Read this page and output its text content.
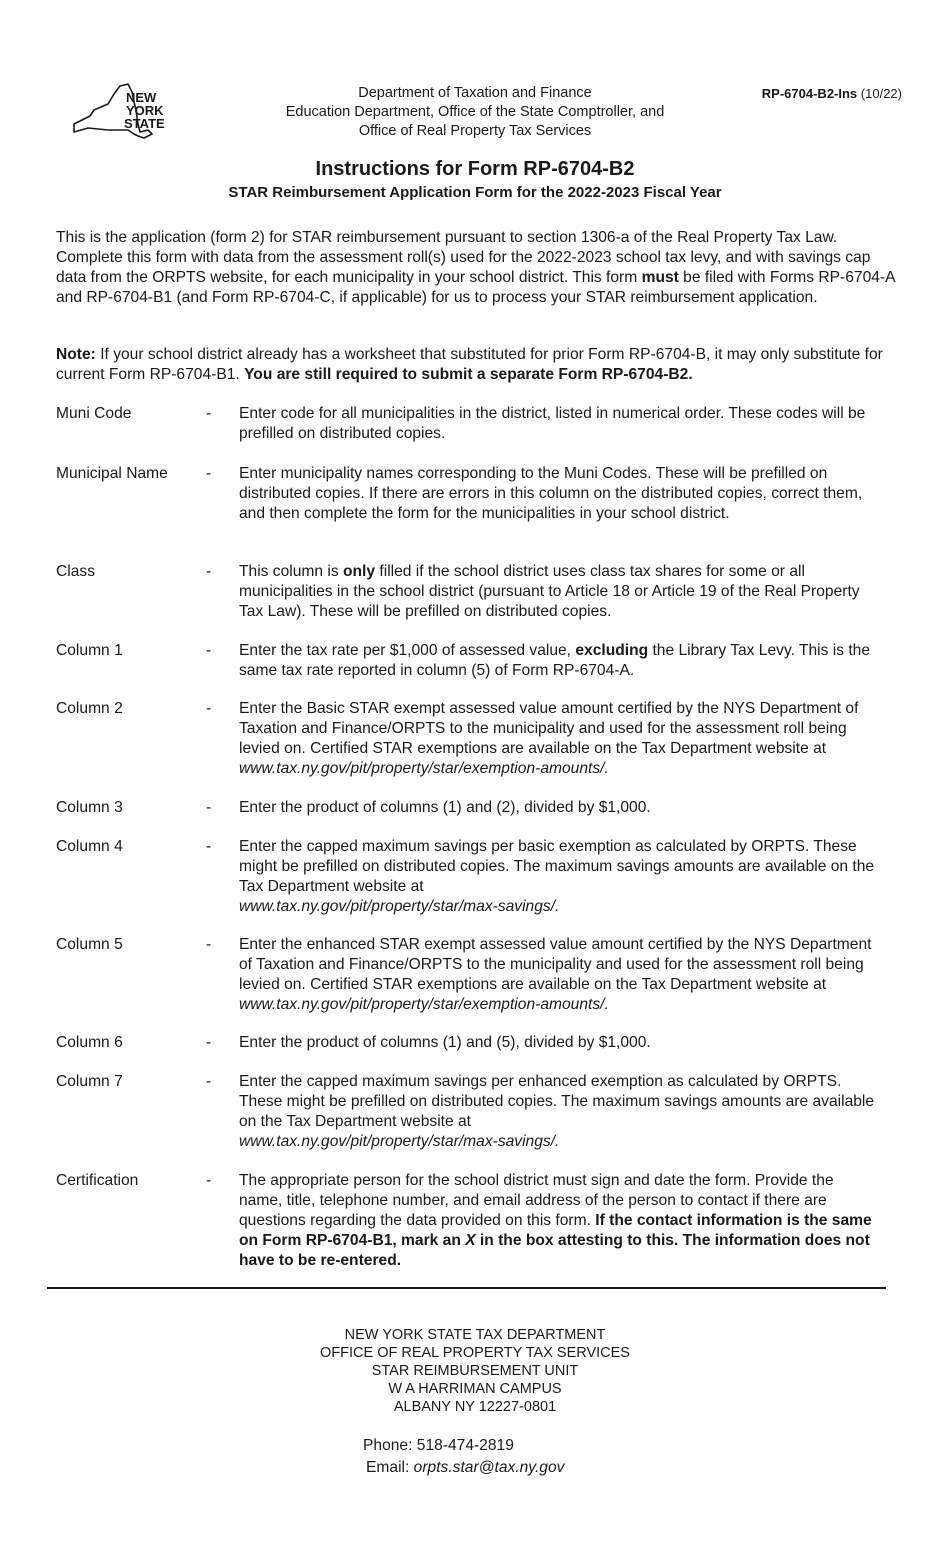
NEW
YORK
STATE
Department of Taxation and Finance
Education Department, Office of the State Comptroller, and
Office of Real Property Tax Services
RP-6704-B2-Ins (10/22)
Instructions for Form RP-6704-B2
STAR Reimbursement Application Form for the 2022-2023 Fiscal Year
This is the application (form 2) for STAR reimbursement pursuant to section 1306-a of the Real Property Tax Law. Complete this form with data from the assessment roll(s) used for the 2022-2023 school tax levy, and with savings cap data from the ORPTS website, for each municipality in your school district. This form must be filed with Forms RP-6704-A and RP-6704-B1 (and Form RP-6704-C, if applicable) for us to process your STAR reimbursement application.
Note: If your school district already has a worksheet that substituted for prior Form RP-6704-B, it may only substitute for current Form RP-6704-B1. You are still required to submit a separate Form RP-6704-B2.
Muni Code	-	Enter code for all municipalities in the district, listed in numerical order. These codes will be prefilled on distributed copies.
Municipal Name	-	Enter municipality names corresponding to the Muni Codes. These will be prefilled on distributed copies. If there are errors in this column on the distributed copies, correct them, and then complete the form for the municipalities in your school district.
Class	-	This column is only filled if the school district uses class tax shares for some or all municipalities in the school district (pursuant to Article 18 or Article 19 of the Real Property Tax Law). These will be prefilled on distributed copies.
Column 1	-	Enter the tax rate per $1,000 of assessed value, excluding the Library Tax Levy. This is the same tax rate reported in column (5) of Form RP-6704-A.
Column 2	-	Enter the Basic STAR exempt assessed value amount certified by the NYS Department of Taxation and Finance/ORPTS to the municipality and used for the assessment roll being levied on. Certified STAR exemptions are available on the Tax Department website at www.tax.ny.gov/pit/property/star/exemption-amounts/.
Column 3	-	Enter the product of columns (1) and (2), divided by $1,000.
Column 4	-	Enter the capped maximum savings per basic exemption as calculated by ORPTS. These might be prefilled on distributed copies. The maximum savings amounts are available on the Tax Department website at
www.tax.ny.gov/pit/property/star/max-savings/.
Column 5	-	Enter the enhanced STAR exempt assessed value amount certified by the NYS Department of Taxation and Finance/ORPTS to the municipality and used for the assessment roll being levied on. Certified STAR exemptions are available on the Tax Department website at www.tax.ny.gov/pit/property/star/exemption-amounts/.
Column 6	-	Enter the product of columns (1) and (5), divided by $1,000.
Column 7	-	Enter the capped maximum savings per enhanced exemption as calculated by ORPTS. These might be prefilled on distributed copies. The maximum savings amounts are available on the Tax Department website at
www.tax.ny.gov/pit/property/star/max-savings/.
Certification	-	The appropriate person for the school district must sign and date the form. Provide the name, title, telephone number, and email address of the person to contact if there are questions regarding the data provided on this form. If the contact information is the same on Form RP-6704-B1, mark an X in the box attesting to this. The information does not have to be re-entered.
NEW YORK STATE TAX DEPARTMENT
OFFICE OF REAL PROPERTY TAX SERVICES
STAR REIMBURSEMENT UNIT
W A HARRIMAN CAMPUS
ALBANY NY 12227-0801
Phone: 518-474-2819
Email: orpts.star@tax.ny.gov
